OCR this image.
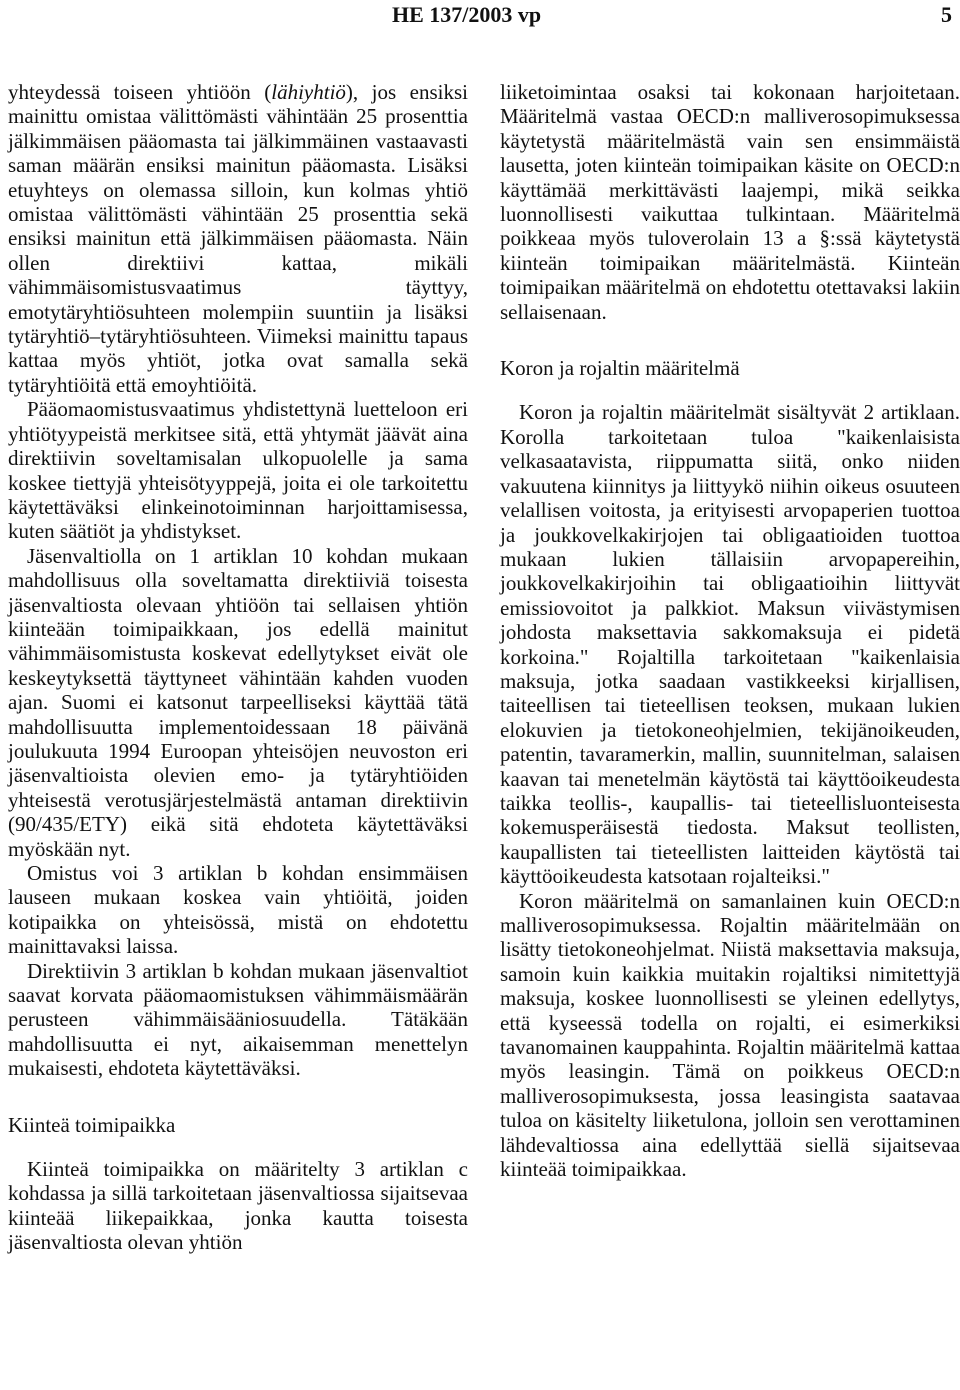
HE 137/2003 vp	5

yhteydessä toiseen yhtiöön (lähiyhtiö), jos ensiksi mainittu omistaa välittömästi vähintään 25 prosenttia jälkimmäisen pääomasta tai jälkimmäinen vastaavasti saman määrän ensiksi mainitun pääomasta. Lisäksi etuyhteys on olemassa silloin, kun kolmas yhtiö omistaa välittömästi vähintään 25 prosenttia sekä ensiksi mainitun että jälkimmäisen pääomasta. Näin ollen direktiivi kattaa, mikäli vähimmäisomistusvaatimus täyttyy, emotytäryhtiösuhteen molempiin suuntiin ja lisäksi tytäryhtiö–tytäryhtiösuhteen. Viimeksi mainittu tapaus kattaa myös yhtiöt, jotka ovat samalla sekä tytäryhtiöitä että emoyhtiöitä.

Pääomaomistusvaatimus yhdistettynä luetteloon eri yhtiötyypeistä merkitsee sitä, että yhtymät jäävät aina direktiivin soveltamisalan ulkopuolelle ja sama koskee tiettyjä yhteisötyyppejä, joita ei ole tarkoitettu käytettäväksi elinkeinotoiminnan harjoittamisessa, kuten säätiöt ja yhdistykset.

Jäsenvaltiolla on 1 artiklan 10 kohdan mukaan mahdollisuus olla soveltamatta direktiiviä toisesta jäsenvaltiosta olevaan yhtiöön tai sellaisen yhtiön kiinteään toimipaikkaan, jos edellä mainitut vähimmäisomistusta koskevat edellytykset eivät ole keskeytyksettä täyttyneet vähintään kahden vuoden ajan. Suomi ei katsonut tarpeelliseksi käyttää tätä mahdollisuutta implementoidessaan 18 päivänä joulukuuta 1994 Euroopan yhteisöjen neuvoston eri jäsenvaltioista olevien emo- ja tytäryhtiöiden yhteisestä verotusjärjestelmästä antaman direktiivin (90/435/ETY) eikä sitä ehdoteta käytettäväksi myöskään nyt.

Omistus voi 3 artiklan b kohdan ensimmäisen lauseen mukaan koskea vain yhtiöitä, joiden kotipaikka on yhteisössä, mistä on ehdotettu mainittavaksi laissa.

Direktiivin 3 artiklan b kohdan mukaan jäsenvaltiot saavat korvata pääomaomistuksen vähimmäismäärän perusteen vähimmäisääniosuudella. Tätäkään mahdollisuutta ei nyt, aikaisemman menettelyn mukaisesti, ehdoteta käytettäväksi.

Kiinteä toimipaikka

Kiinteä toimipaikka on määritelty 3 artiklan c kohdassa ja sillä tarkoitetaan jäsenvaltiossa sijaitsevaa kiinteää liikepaikkaa, jonka kautta toisesta jäsenvaltiosta olevan yhtiön

liiketoimintaa osaksi tai kokonaan harjoitetaan. Määritelmä vastaa OECD:n malliverosopimuksessa käytetystä määritelmästä vain sen ensimmäistä lausetta, joten kiinteän toimipaikan käsite on OECD:n käyttämää merkittävästi laajempi, mikä seikka luonnollisesti vaikuttaa tulkintaan. Määritelmä poikkeaa myös tuloverolain 13 a §:ssä käytetystä kiinteän toimipaikan määritelmästä. Kiinteän toimipaikan määritelmä on ehdotettu otettavaksi lakiin sellaisenaan.

Koron ja rojaltin määritelmä

Koron ja rojaltin määritelmät sisältyvät 2 artiklaan. Korolla tarkoitetaan tuloa "kaikenlaisista velkasaatavista, riippumatta siitä, onko niiden vakuutena kiinnitys ja liittyykö niihin oikeus osuuteen velallisen voitosta, ja erityisesti arvopaperien tuottoa ja joukkovelkakirjojen tai obligaatioiden tuottoa mukaan lukien tällaisiin arvopapereihin, joukkovelkakirjoihin tai obligaatioihin liittyvät emissiovoitot ja palkkiot. Maksun viivästymisen johdosta maksettavia sakkomaksuja ei pidetä korkoina." Rojaltilla tarkoitetaan "kaikenlaisia maksuja, jotka saadaan vastikkeeksi kirjallisen, taiteellisen tai tieteellisen teoksen, mukaan lukien elokuvien ja tietokoneohjelmien, tekijänoikeuden, patentin, tavaramerkin, mallin, suunnitelman, salaisen kaavan tai menetelmän käytöstä tai käyttöoikeudesta taikka teollis-, kaupallis- tai tieteellisluonteisesta kokemusperäisestä tiedosta. Maksut teollisten, kaupallisten tai tieteellisten laitteiden käytöstä tai käyttöoikeudesta katsotaan rojalteiksi."

Koron määritelmä on samanlainen kuin OECD:n malliverosopimuksessa. Rojaltin määritelmään on lisätty tietokoneohjelmat. Niistä maksettavia maksuja, samoin kuin kaikkia muitakin rojaltiksi nimitettyjä maksuja, koskee luonnollisesti se yleinen edellytys, että kyseessä todella on rojalti, ei esimerkiksi tavanomainen kauppahinta. Rojaltin määritelmä kattaa myös leasingin. Tämä on poikkeus OECD:n malliverosopimuksesta, jossa leasingista saatavaa tuloa on käsitelty liiketulona, jolloin sen verottaminen lähdevaltiossa aina edellyttää siellä sijaitsevaa kiinteää toimipaikkaa.
